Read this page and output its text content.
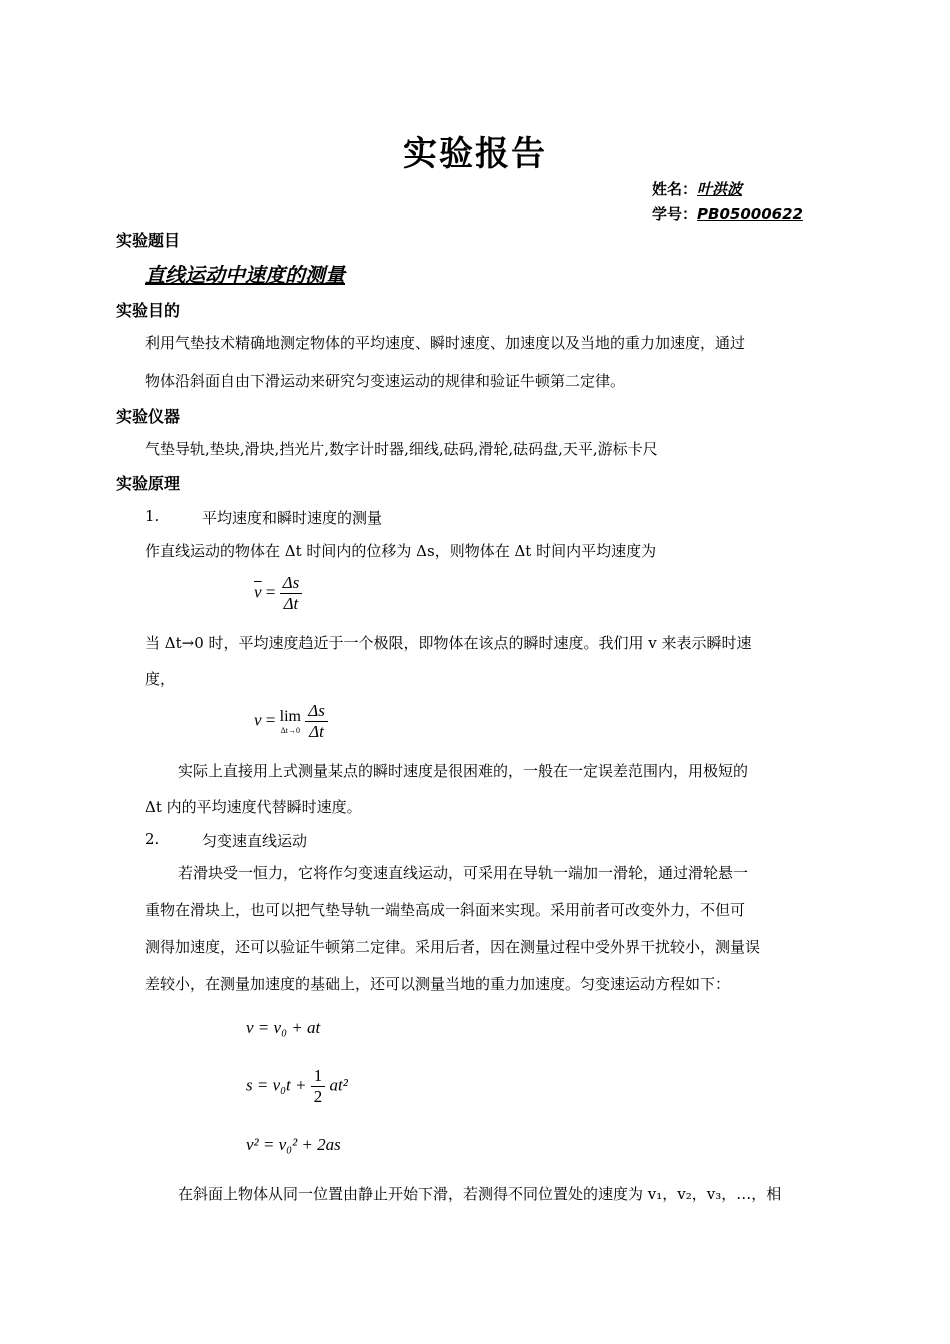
实验报告
姓名：叶洪波
学号：PB05000622
实验题目
直线运动中速度的测量
实验目的
利用气垫技术精确地测定物体的平均速度、瞬时速度、加速度以及当地的重力加速度，通过
物体沿斜面自由下滑运动来研究匀变速运动的规律和验证牛顿第二定律。
实验仪器
气垫导轨,垫块,滑块,挡光片,数字计时器,细线,砝码,滑轮,砝码盘,天平,游标卡尺
实验原理
1.	平均速度和瞬时速度的测量
作直线运动的物体在 Δt 时间内的位移为 Δs，则物体在 Δt 时间内平均速度为
$\overline{v} = \frac{\Delta s}{\Delta t}$
当 Δt→0 时，平均速度趋近于一个极限，即物体在该点的瞬时速度。我们用 v 来表示瞬时速
度，
v = lim
Δt→0
$\frac{\Delta s}{\Delta t}$
实际上直接用上式测量某点的瞬时速度是很困难的，一般在一定误差范围内，用极短的
Δt 内的平均速度代替瞬时速度。
2.	匀变速直线运动
若滑块受一恒力，它将作匀变速直线运动，可采用在导轨一端加一滑轮，通过滑轮悬一
重物在滑块上，也可以把气垫导轨一端垫高成一斜面来实现。采用前者可改变外力，不但可
测得加速度，还可以验证牛顿第二定律。采用后者，因在测量过程中受外界干扰较小，测量误
差较小，在测量加速度的基础上，还可以测量当地的重力加速度。匀变速运动方程如下：
v = v₀ + at
$s = v_0t + \frac{1}{2} at^2$
v² = v₀² + 2as
在斜面上物体从同一位置由静止开始下滑，若测得不同位置处的速度为 v₁，v₂，v₃，…，相
